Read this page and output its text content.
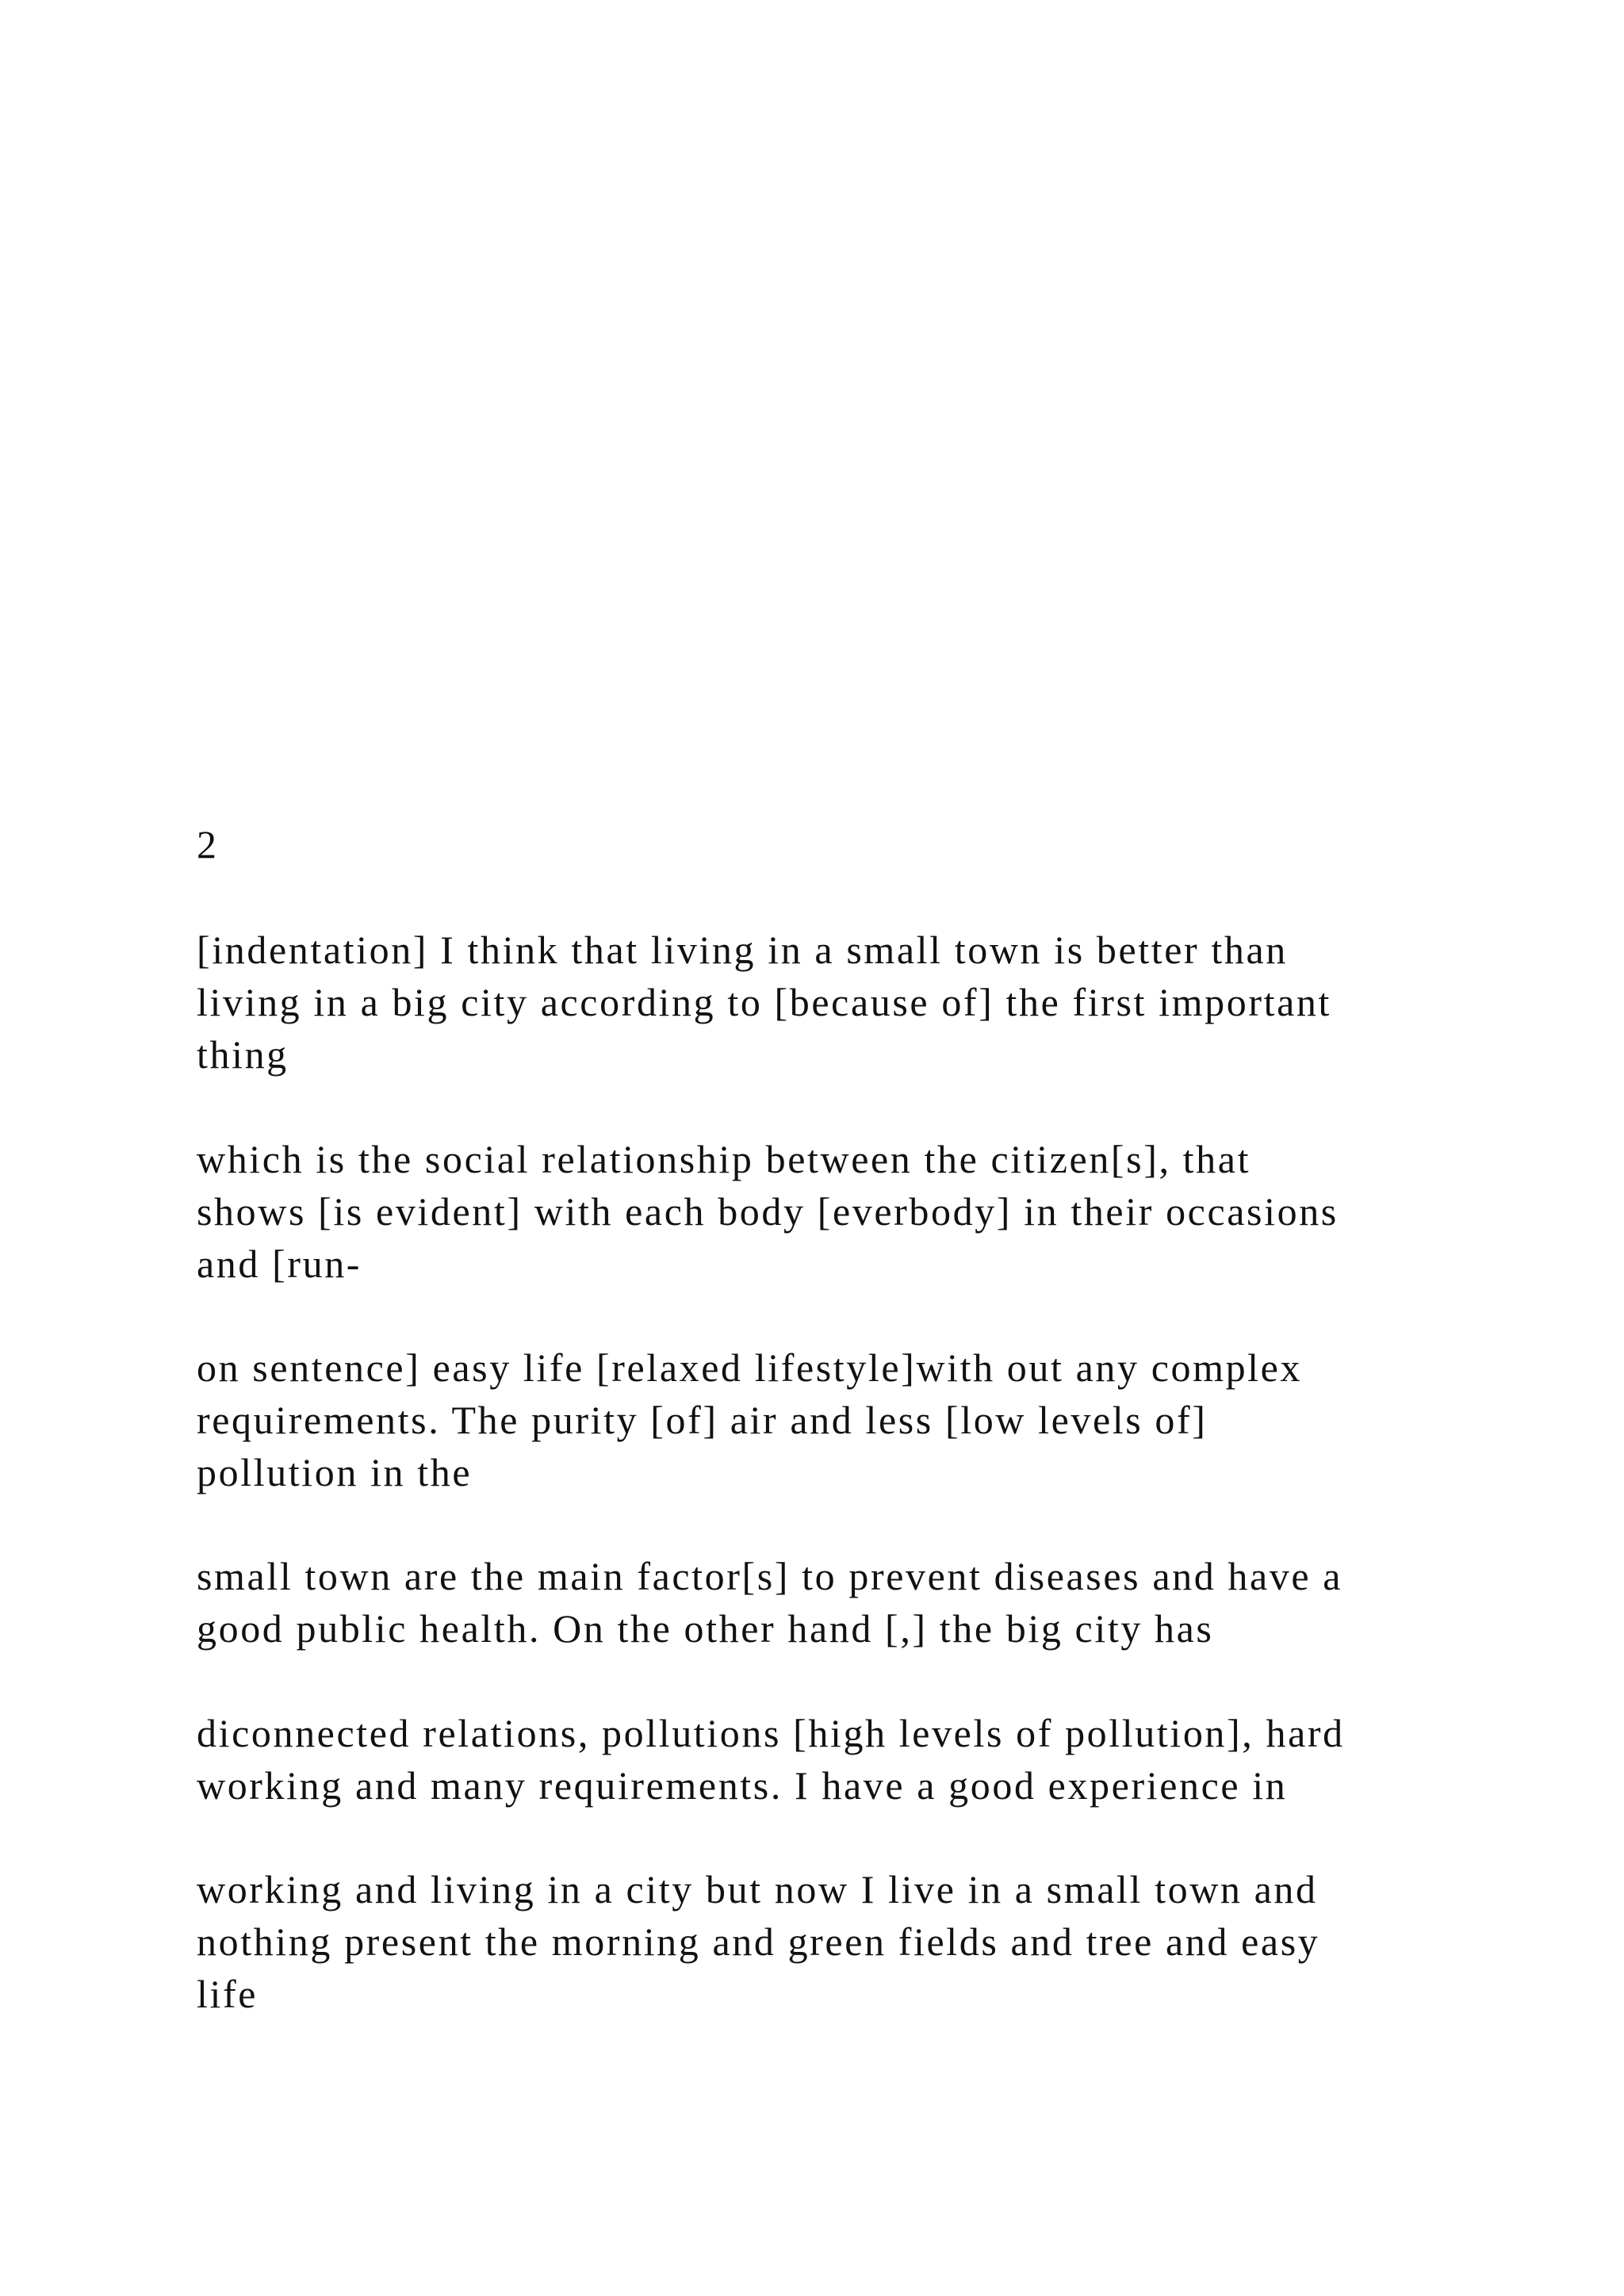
2

[indentation] I think that living in a small town is better than

living in a big city according to [because of] the first important

thing

which is the social relationship between the citizen[s], that

shows [is evident] with each body [everbody] in their occasions

and [run-

on sentence] easy life [relaxed lifestyle]with out any complex

requirements. The purity [of] air and less [low levels of]

pollution in the

small town are the main factor[s] to prevent diseases and have a

good public health. On the other hand [,] the big city has

diconnected relations, pollutions [high levels of pollution], hard

working and many requirements. I have a good experience in

working and living in a city but now I live in a small town and

nothing present the morning and green fields and tree and easy

life
